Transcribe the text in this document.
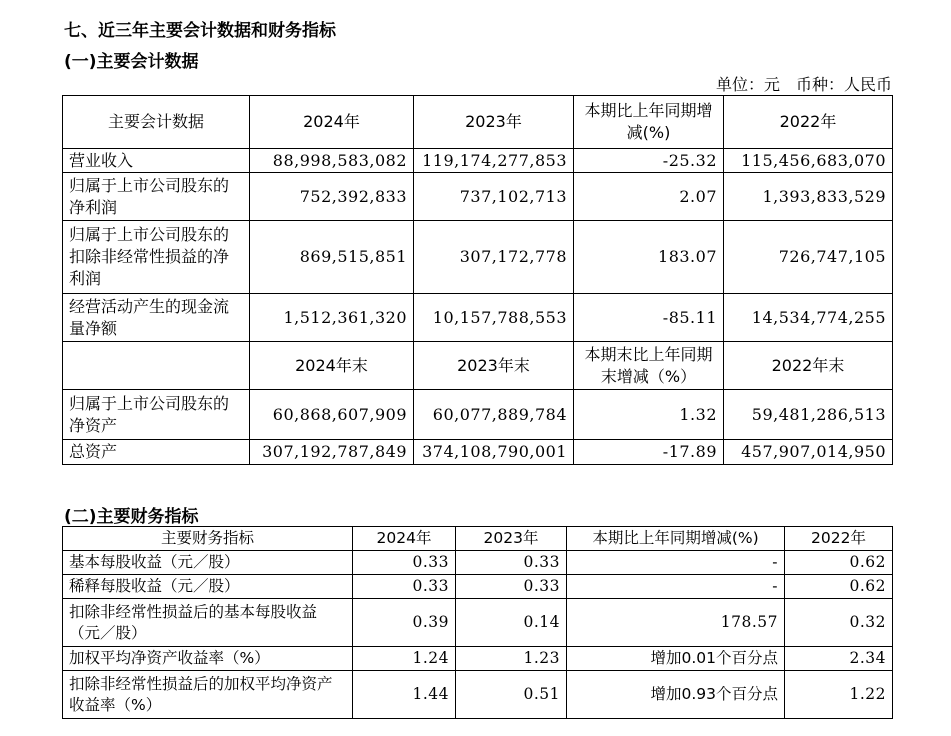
七、近三年主要会计数据和财务指标
(一)主要会计数据
单位：元　币种：人民币
主要会计数据	2024年	2023年	本期比上年同期增减(%)	2022年
营业收入	88,998,583,082	119,174,277,853	-25.32	115,456,683,070
归属于上市公司股东的净利润	752,392,833	737,102,713	2.07	1,393,833,529
归属于上市公司股东的扣除非经常性损益的净利润	869,515,851	307,172,778	183.07	726,747,105
经营活动产生的现金流量净额	1,512,361,320	10,157,788,553	-85.11	14,534,774,255
	2024年末	2023年末	本期末比上年同期末增减（%）	2022年末
归属于上市公司股东的净资产	60,868,607,909	60,077,889,784	1.32	59,481,286,513
总资产	307,192,787,849	374,108,790,001	-17.89	457,907,014,950
(二)主要财务指标
主要财务指标	2024年	2023年	本期比上年同期增减(%)	2022年
基本每股收益（元／股）	0.33	0.33	-	0.62
稀释每股收益（元／股）	0.33	0.33	-	0.62
扣除非经常性损益后的基本每股收益（元／股）	0.39	0.14	178.57	0.32
加权平均净资产收益率（%）	1.24	1.23	增加0.01个百分点	2.34
扣除非经常性损益后的加权平均净资产收益率（%）	1.44	0.51	增加0.93个百分点	1.22
